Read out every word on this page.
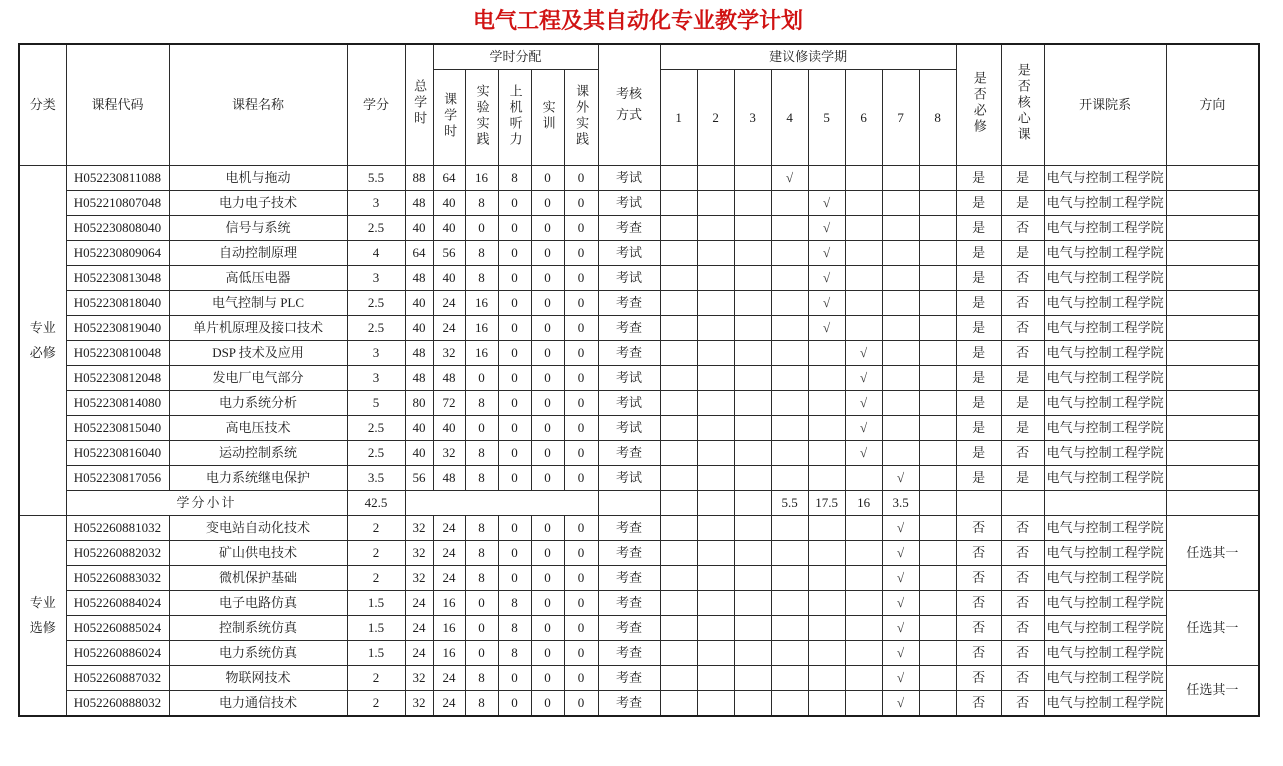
电气工程及其自动化专业教学计划
分类	课程代码	课程名称	学分	总学时	学时分配					考核方式	建议修读学期								是否必修	是否核心课	开课院系	方向
					课学时	实验实践	上机听力	实训	课外实践		1	2	3	4	5	6	7	8				
专业必修	H052230811088	电机与拖动	5.5	88	64	16	8	0	0	考试				√					是	是	电气与控制工程学院	
	H052210807048	电力电子技术	3	48	40	8	0	0	0	考试					√				是	是	电气与控制工程学院	
	H052230808040	信号与系统	2.5	40	40	0	0	0	0	考查					√				是	否	电气与控制工程学院	
	H052230809064	自动控制原理	4	64	56	8	0	0	0	考试					√				是	是	电气与控制工程学院	
	H052230813048	高低压电器	3	48	40	8	0	0	0	考试					√				是	否	电气与控制工程学院	
	H052230818040	电气控制与 PLC	2.5	40	24	16	0	0	0	考查					√				是	否	电气与控制工程学院	
	H052230819040	单片机原理及接口技术	2.5	40	24	16	0	0	0	考查					√				是	否	电气与控制工程学院	
	H052230810048	DSP 技术及应用	3	48	32	16	0	0	0	考查						√			是	否	电气与控制工程学院	
	H052230812048	发电厂电气部分	3	48	48	0	0	0	0	考试						√			是	是	电气与控制工程学院	
	H052230814080	电力系统分析	5	80	72	8	0	0	0	考试						√			是	是	电气与控制工程学院	
	H052230815040	高电压技术	2.5	40	40	0	0	0	0	考试						√			是	是	电气与控制工程学院	
	H052230816040	运动控制系统	2.5	40	32	8	0	0	0	考查						√			是	否	电气与控制工程学院	
	H052230817056	电力系统继电保护	3.5	56	48	8	0	0	0	考试							√		是	是	电气与控制工程学院	
	学分小计		42.5											5.5	17.5	16	3.5					
专业选修	H052260881032	变电站自动化技术	2	32	24	8	0	0	0	考查							√		否	否	电气与控制工程学院	任选其一
	H052260882032	矿山供电技术	2	32	24	8	0	0	0	考查							√		否	否	电气与控制工程学院	
	H052260883032	微机保护基础	2	32	24	8	0	0	0	考查							√		否	否	电气与控制工程学院	
	H052260884024	电子电路仿真	1.5	24	16	0	8	0	0	考查							√		否	否	电气与控制工程学院	任选其一
	H052260885024	控制系统仿真	1.5	24	16	0	8	0	0	考查							√		否	否	电气与控制工程学院	
	H052260886024	电力系统仿真	1.5	24	16	0	8	0	0	考查							√		否	否	电气与控制工程学院	
	H052260887032	物联网技术	2	32	24	8	0	0	0	考查							√		否	否	电气与控制工程学院	任选其一
	H052260888032	电力通信技术	2	32	24	8	0	0	0	考查							√		否	否	电气与控制工程学院	
